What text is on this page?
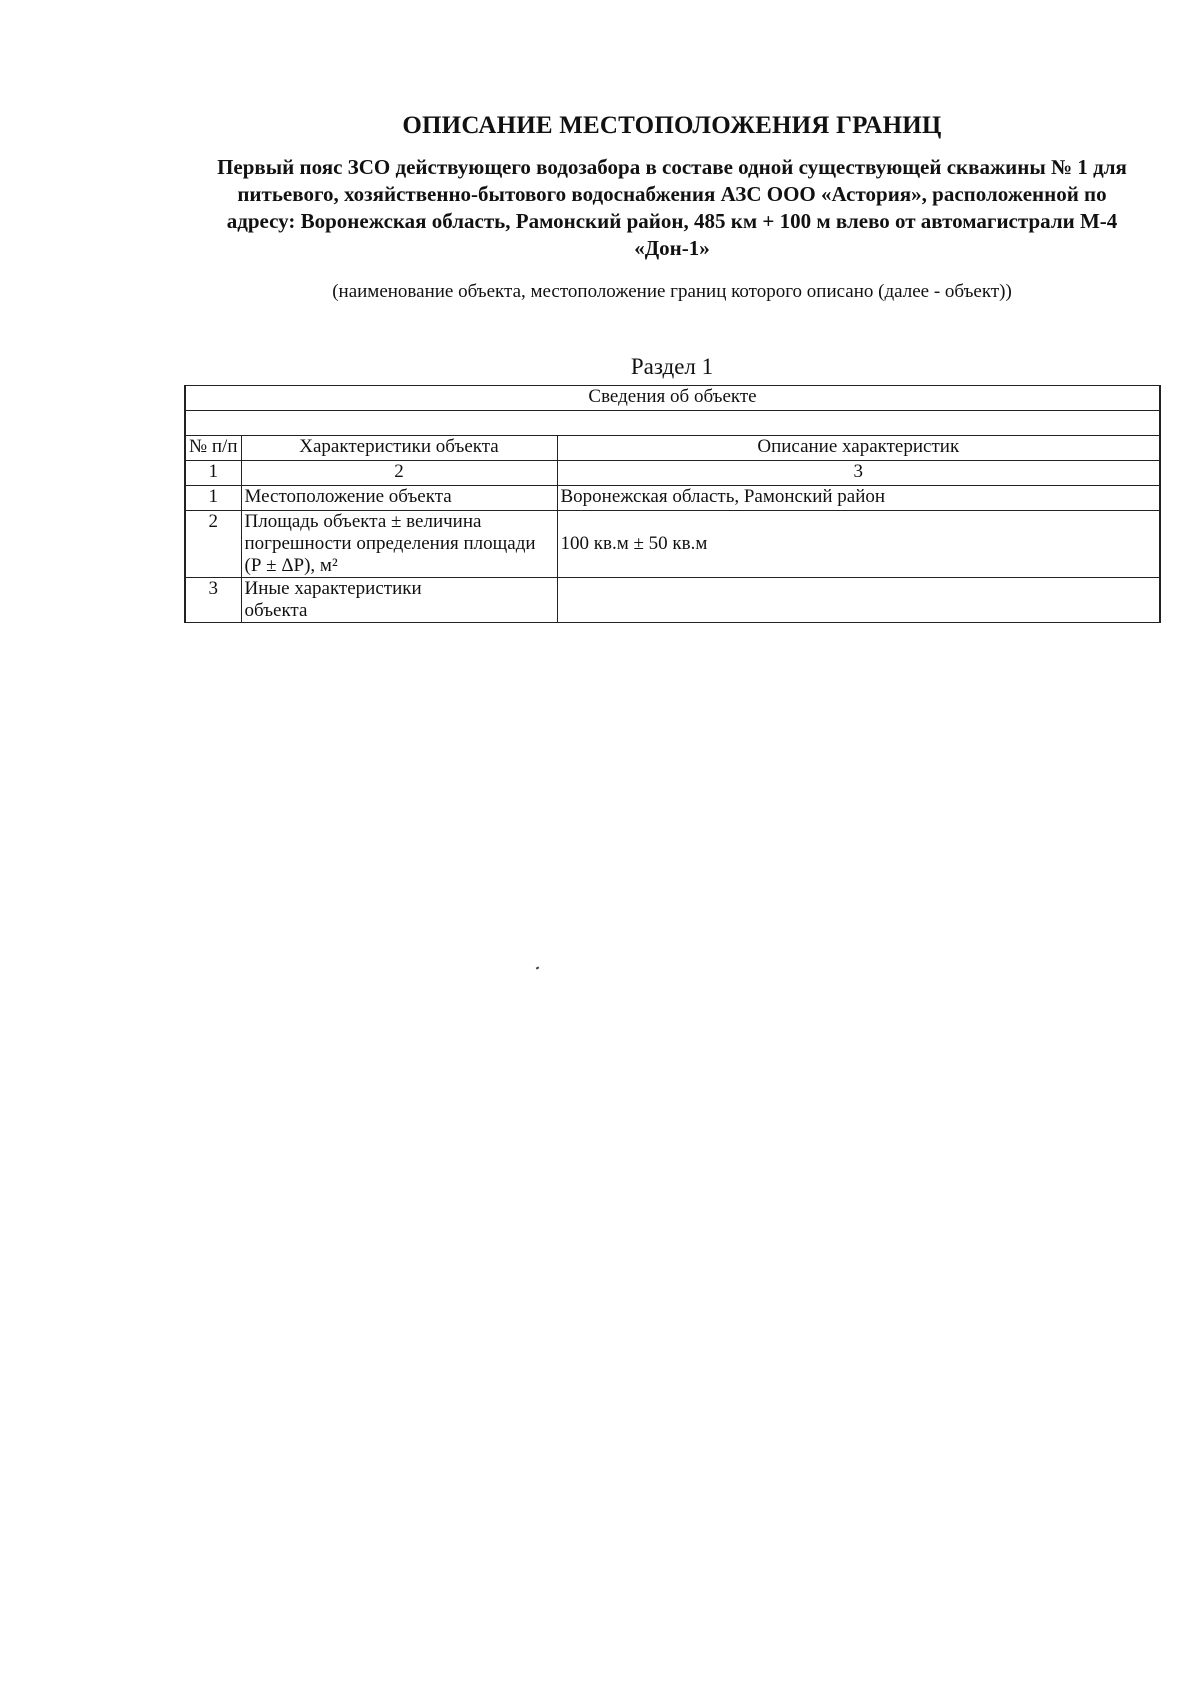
ОПИСАНИЕ МЕСТОПОЛОЖЕНИЯ ГРАНИЦ
Первый пояс ЗСО действующего водозабора в составе одной существующей скважины № 1 для
питьевого, хозяйственно-бытового водоснабжения АЗС ООО «Астория», расположенной по
адресу: Воронежская область, Рамонский район, 485 км + 100 м влево от автомагистрали М-4
«Дон-1»
(наименование объекта, местоположение границ которого описано (далее - объект))
Раздел 1
Сведения об объекте		

№ п/п	Характеристики объекта	Описание характеристик
1	2	3
1	Местоположение объекта	Воронежская область, Рамонский район
2	Площадь объекта ± величина
погрешности определения площади
(Р ± ΔР), м²	100 кв.м ± 50 кв.м
3	Иные характеристики
объекта	
